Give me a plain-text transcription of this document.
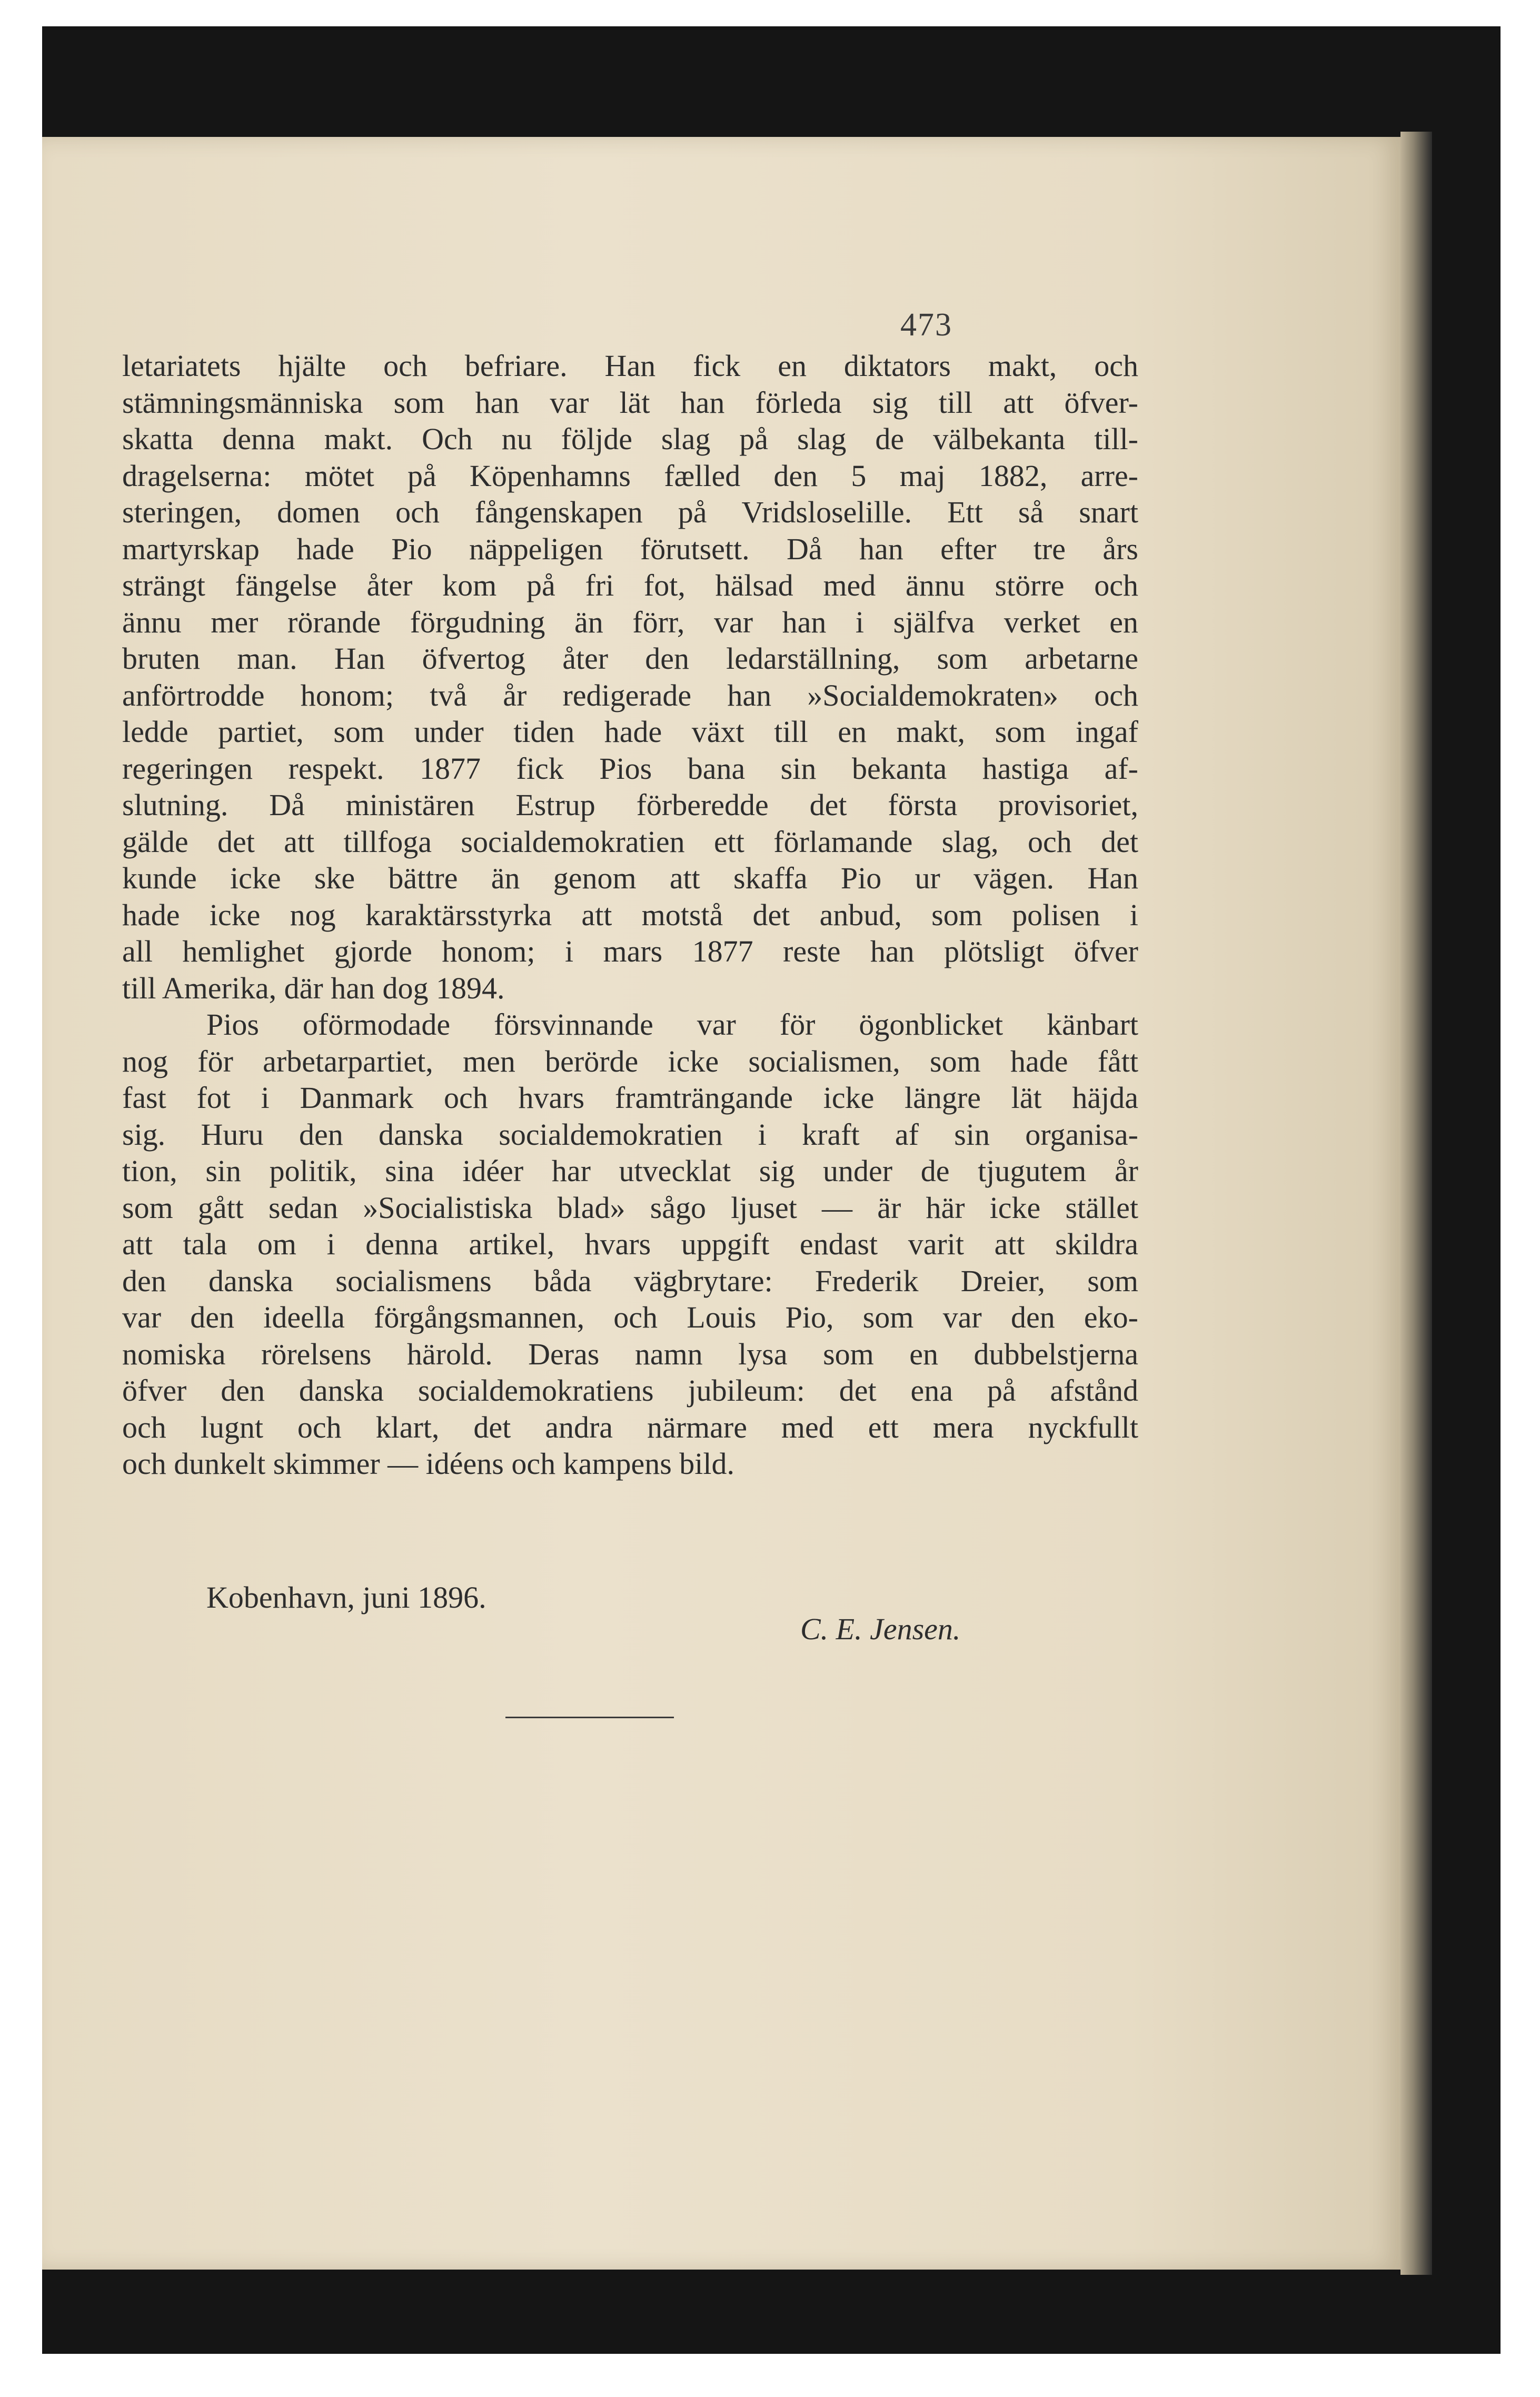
473
letariatets hjälte och befriare. Han fick en diktators makt, och
stämningsmänniska som han var lät han förleda sig till att öfver-
skatta denna makt. Och nu följde slag på slag de välbekanta till-
dragelserna: mötet på Köpenhamns fælled den 5 maj 1882, arre-
steringen, domen och fångenskapen på Vridsloselille. Ett så snart
martyrskap hade Pio näppeligen förutsett. Då han efter tre års
strängt fängelse åter kom på fri fot, hälsad med ännu större och
ännu mer rörande förgudning än förr, var han i själfva verket en
bruten man. Han öfvertog åter den ledarställning, som arbetarne
anförtrodde honom; två år redigerade han »Socialdemokraten» och
ledde partiet, som under tiden hade växt till en makt, som ingaf
regeringen respekt. 1877 fick Pios bana sin bekanta hastiga af-
slutning. Då ministären Estrup förberedde det första provisoriet,
gälde det att tillfoga socialdemokratien ett förlamande slag, och det
kunde icke ske bättre än genom att skaffa Pio ur vägen. Han
hade icke nog karaktärsstyrka att motstå det anbud, som polisen i
all hemlighet gjorde honom; i mars 1877 reste han plötsligt öfver
till Amerika, där han dog 1894.
Pios oförmodade försvinnande var för ögonblicket känbart
nog för arbetarpartiet, men berörde icke socialismen, som hade fått
fast fot i Danmark och hvars framträngande icke längre lät häjda
sig. Huru den danska socialdemokratien i kraft af sin organisa-
tion, sin politik, sina idéer har utvecklat sig under de tjugutem år
som gått sedan »Socialistiska blad» sågo ljuset — är här icke stället
att tala om i denna artikel, hvars uppgift endast varit att skildra
den danska socialismens båda vägbrytare: Frederik Dreier, som
var den ideella förgångsmannen, och Louis Pio, som var den eko-
nomiska rörelsens härold. Deras namn lysa som en dubbelstjerna
öfver den danska socialdemokratiens jubileum: det ena på afstånd
och lugnt och klart, det andra närmare med ett mera nyckfullt
och dunkelt skimmer — idéens och kampens bild.
Kobenhavn, juni 1896.
C. E. Jensen.
